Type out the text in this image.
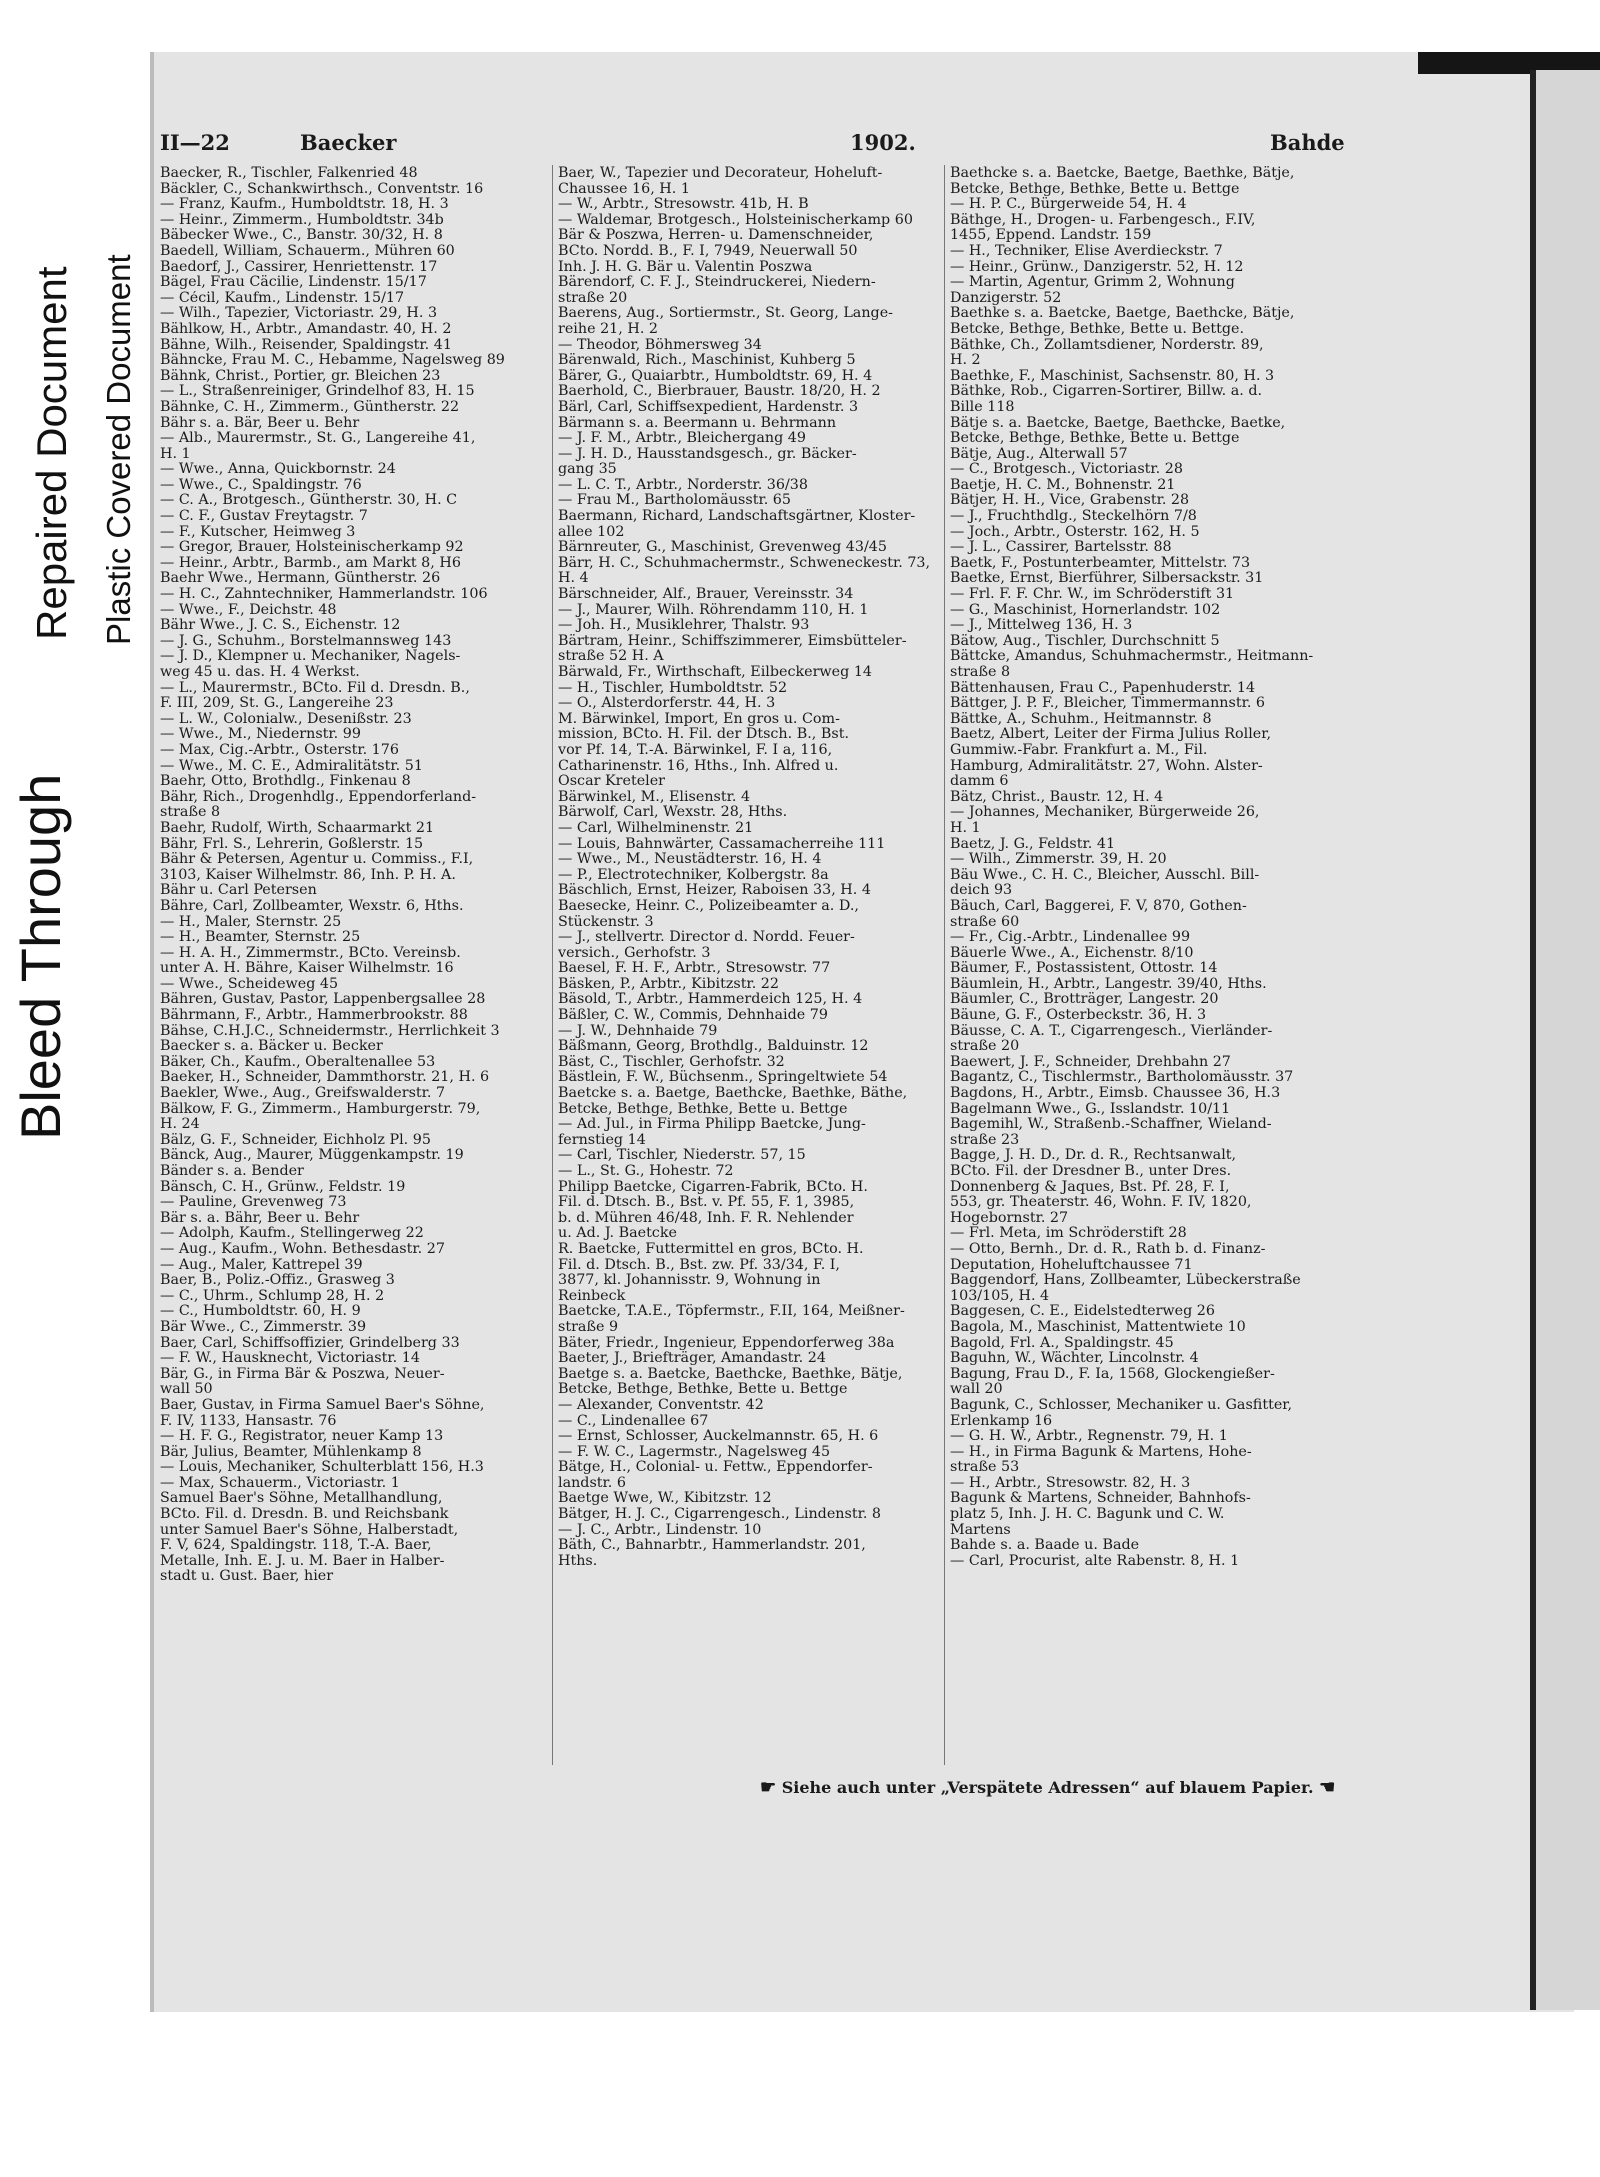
Bleed Through
Repaired Document Plastic Covered Document
II—22	Baecker	1902.	Bahde
Baecker, R., Tischler, Falkenried 48
Bäckler, C., Schankwirthsch., Conventstr. 16
— Franz, Kaufm., Humboldtstr. 18, H. 3
— Heinr., Zimmerm., Humboldtstr. 34b
Bäbecker Wwe., C., Banstr. 30/32, H. 8
Baedell, William, Schauerm., Mühren 60
Baedorf, J., Cassirer, Henriettenstr. 17
Bägel, Frau Cäcilie, Lindenstr. 15/17
— Cécil, Kaufm., Lindenstr. 15/17
— Wilh., Tapezier, Victoriastr. 29, H. 3
Bählkow, H., Arbtr., Amandastr. 40, H. 2
Bähne, Wilh., Reisender, Spaldingstr. 41
Bähncke, Frau M. C., Hebamme, Nagelsweg 89
Bähnk, Christ., Portier, gr. Bleichen 23
— L., Straßenreiniger, Grindelhof 83, H. 15
Bähnke, C. H., Zimmerm., Güntherstr. 22
Bähr s. a. Bär, Beer u. Behr
— Alb., Maurermstr., St. G., Langereihe 41,
H. 1
— Wwe., Anna, Quickbornstr. 24
— Wwe., C., Spaldingstr. 76
— C. A., Brotgesch., Güntherstr. 30, H. C
— C. F., Gustav Freytagstr. 7
— F., Kutscher, Heimweg 3
— Gregor, Brauer, Holsteinischerkamp 92
— Heinr., Arbtr., Barmb., am Markt 8, H6
Baehr Wwe., Hermann, Güntherstr. 26
— H. C., Zahntechniker, Hammerlandstr. 106
— Wwe., F., Deichstr. 48
Bähr Wwe., J. C. S., Eichenstr. 12
— J. G., Schuhm., Borstelmannsweg 143
— J. D., Klempner u. Mechaniker, Nagels-
weg 45 u. das. H. 4 Werkst.
— L., Maurermstr., BCto. Fil d. Dresdn. B.,
F. III, 209, St. G., Langereihe 23
— L. W., Colonialw., Desenißstr. 23
— Wwe., M., Niedernstr. 99
— Max, Cig.-Arbtr., Osterstr. 176
— Wwe., M. C. E., Admiralitätstr. 51
Baehr, Otto, Brothdlg., Finkenau 8
Bähr, Rich., Drogenhdlg., Eppendorferland-
straße 8
Baehr, Rudolf, Wirth, Schaarmarkt 21
Bähr, Frl. S., Lehrerin, Goßlerstr. 15
Bähr & Petersen, Agentur u. Commiss., F.I,
3103, Kaiser Wilhelmstr. 86, Inh. P. H. A.
Bähr u. Carl Petersen
Bähre, Carl, Zollbeamter, Wexstr. 6, Hths.
— H., Maler, Sternstr. 25
— H., Beamter, Sternstr. 25
— H. A. H., Zimmermstr., BCto. Vereinsb.
unter A. H. Bähre, Kaiser Wilhelmstr. 16
— Wwe., Scheideweg 45
Bähren, Gustav, Pastor, Lappenbergsallee 28
Bährmann, F., Arbtr., Hammerbrookstr. 88
Bähse, C.H.J.C., Schneidermstr., Herrlichkeit 3
Baecker s. a. Bäcker u. Becker
Bäker, Ch., Kaufm., Oberaltenallee 53
Baeker, H., Schneider, Dammthorstr. 21, H. 6
Baekler, Wwe., Aug., Greifswalderstr. 7
Bälkow, F. G., Zimmerm., Hamburgerstr. 79,
H. 24
Bälz, G. F., Schneider, Eichholz Pl. 95
Bänck, Aug., Maurer, Müggenkampstr. 19
Bänder s. a. Bender
Bänsch, C. H., Grünw., Feldstr. 19
— Pauline, Grevenweg 73
Bär s. a. Bähr, Beer u. Behr
— Adolph, Kaufm., Stellingerweg 22
— Aug., Kaufm., Wohn. Bethesdastr. 27
— Aug., Maler, Kattrepel 39
Baer, B., Poliz.-Offiz., Grasweg 3
— C., Uhrm., Schlump 28, H. 2
— C., Humboldtstr. 60, H. 9
Bär Wwe., C., Zimmerstr. 39
Baer, Carl, Schiffsoffizier, Grindelberg 33
— F. W., Hausknecht, Victoriastr. 14
Bär, G., in Firma Bär & Poszwa, Neuer-
wall 50
Baer, Gustav, in Firma Samuel Baer's Söhne,
F. IV, 1133, Hansastr. 76
— H. F. G., Registrator, neuer Kamp 13
Bär, Julius, Beamter, Mühlenkamp 8
— Louis, Mechaniker, Schulterblatt 156, H.3
— Max, Schauerm., Victoriastr. 1
Samuel Baer's Söhne, Metallhandlung,
BCto. Fil. d. Dresdn. B. und Reichsbank
unter Samuel Baer's Söhne, Halberstadt,
F. V, 624, Spaldingstr. 118, T.-A. Baer,
Metalle, Inh. E. J. u. M. Baer in Halber-
stadt u. Gust. Baer, hier
Baer, W., Tapezier und Decorateur, Hoheluft-
Chaussee 16, H. 1
— W., Arbtr., Stresowstr. 41b, H. B
— Waldemar, Brotgesch., Holsteinischerkamp 60
Bär & Poszwa, Herren- u. Damenschneider,
BCto. Nordd. B., F. I, 7949, Neuerwall 50
Inh. J. H. G. Bär u. Valentin Poszwa
Bärendorf, C. F. J., Steindruckerei, Niedern-
straße 20
Baerens, Aug., Sortiermstr., St. Georg, Lange-
reihe 21, H. 2
— Theodor, Böhmersweg 34
Bärenwald, Rich., Maschinist, Kuhberg 5
Bärer, G., Quaiarbtr., Humboldtstr. 69, H. 4
Baerhold, C., Bierbrauer, Baustr. 18/20, H. 2
Bärl, Carl, Schiffsexpedient, Hardenstr. 3
Bärmann s. a. Beermann u. Behrmann
— J. F. M., Arbtr., Bleichergang 49
— J. H. D., Hausstandsgesch., gr. Bäcker-
gang 35
— L. C. T., Arbtr., Norderstr. 36/38
— Frau M., Bartholomäusstr. 65
Baermann, Richard, Landschaftsgärtner, Kloster-
allee 102
Bärnreuter, G., Maschinist, Grevenweg 43/45
Bärr, H. C., Schuhmachermstr., Schweneckestr. 73,
H. 4
Bärschneider, Alf., Brauer, Vereinsstr. 34
— J., Maurer, Wilh. Röhrendamm 110, H. 1
— Joh. H., Musiklehrer, Thalstr. 93
Bärtram, Heinr., Schiffszimmerer, Eimsbütteler-
straße 52 H. A
Bärwald, Fr., Wirthschaft, Eilbeckerweg 14
— H., Tischler, Humboldtstr. 52
— O., Alsterdorferstr. 44, H. 3
M. Bärwinkel, Import, En gros u. Com-
mission, BCto. H. Fil. der Dtsch. B., Bst.
vor Pf. 14, T.-A. Bärwinkel, F. I a, 116,
Catharinenstr. 16, Hths., Inh. Alfred u.
Oscar Kreteler
Bärwinkel, M., Elisenstr. 4
Bärwolf, Carl, Wexstr. 28, Hths.
— Carl, Wilhelminenstr. 21
— Louis, Bahnwärter, Cassamacherreihe 111
— Wwe., M., Neustädterstr. 16, H. 4
— P., Electrotechniker, Kolbergstr. 8a
Bäschlich, Ernst, Heizer, Raboisen 33, H. 4
Baesecke, Heinr. C., Polizeibeamter a. D.,
Stückenstr. 3
— J., stellvertr. Director d. Nordd. Feuer-
versich., Gerhofstr. 3
Baesel, F. H. F., Arbtr., Stresowstr. 77
Bäsken, P., Arbtr., Kibitzstr. 22
Bäsold, T., Arbtr., Hammerdeich 125, H. 4
Bäßler, C. W., Commis, Dehnhaide 79
— J. W., Dehnhaide 79
Bäßmann, Georg, Brothdlg., Balduinstr. 12
Bäst, C., Tischler, Gerhofstr. 32
Bästlein, F. W., Büchsenm., Springeltwiete 54
Baetcke s. a. Baetge, Baethcke, Baethke, Bäthe,
Betcke, Bethge, Bethke, Bette u. Bettge
— Ad. Jul., in Firma Philipp Baetcke, Jung-
fernstieg 14
— Carl, Tischler, Niederstr. 57, 15
— L., St. G., Hohestr. 72
Philipp Baetcke, Cigarren-Fabrik, BCto. H.
Fil. d. Dtsch. B., Bst. v. Pf. 55, F. 1, 3985,
b. d. Mühren 46/48, Inh. F. R. Nehlender
u. Ad. J. Baetcke
R. Baetcke, Futtermittel en gros, BCto. H.
Fil. d. Dtsch. B., Bst. zw. Pf. 33/34, F. I,
3877, kl. Johannisstr. 9, Wohnung in
Reinbeck
Baetcke, T.A.E., Töpfermstr., F.II, 164, Meißner-
straße 9
Bäter, Friedr., Ingenieur, Eppendorferweg 38a
Baeter, J., Briefträger, Amandastr. 24
Baetge s. a. Baetcke, Baethcke, Baethke, Bätje,
Betcke, Bethge, Bethke, Bette u. Bettge
— Alexander, Conventstr. 42
— C., Lindenallee 67
— Ernst, Schlosser, Auckelmannstr. 65, H. 6
— F. W. C., Lagermstr., Nagelsweg 45
Bätge, H., Colonial- u. Fettw., Eppendorfer-
landstr. 6
Baetge Wwe, W., Kibitzstr. 12
Bätger, H. J. C., Cigarrengesch., Lindenstr. 8
— J. C., Arbtr., Lindenstr. 10
Bäth, C., Bahnarbtr., Hammerlandstr. 201,
Hths.
Baethcke s. a. Baetcke, Baetge, Baethke, Bätje,
Betcke, Bethge, Bethke, Bette u. Bettge
— H. P. C., Bürgerweide 54, H. 4
Bäthge, H., Drogen- u. Farbengesch., F.IV,
1455, Eppend. Landstr. 159
— H., Techniker, Elise Averdieckstr. 7
— Heinr., Grünw., Danzigerstr. 52, H. 12
— Martin, Agentur, Grimm 2, Wohnung
Danzigerstr. 52
Baethke s. a. Baetcke, Baetge, Baethcke, Bätje,
Betcke, Bethge, Bethke, Bette u. Bettge.
Bäthke, Ch., Zollamtsdiener, Norderstr. 89,
H. 2
Baethke, F., Maschinist, Sachsenstr. 80, H. 3
Bäthke, Rob., Cigarren-Sortirer, Billw. a. d.
Bille 118
Bätje s. a. Baetcke, Baetge, Baethcke, Baetke,
Betcke, Bethge, Bethke, Bette u. Bettge
Bätje, Aug., Alterwall 57
— C., Brotgesch., Victoriastr. 28
Baetje, H. C. M., Bohnenstr. 21
Bätjer, H. H., Vice, Grabenstr. 28
— J., Fruchthdlg., Steckelhörn 7/8
— Joch., Arbtr., Osterstr. 162, H. 5
— J. L., Cassirer, Bartelsstr. 88
Baetk, F., Postunterbeamter, Mittelstr. 73
Baetke, Ernst, Bierführer, Silbersackstr. 31
— Frl. F. F. Chr. W., im Schröderstift 31
— G., Maschinist, Hornerlandstr. 102
— J., Mittelweg 136, H. 3
Bätow, Aug., Tischler, Durchschnitt 5
Bättcke, Amandus, Schuhmachermstr., Heitmann-
straße 8
Bättenhausen, Frau C., Papenhuderstr. 14
Bättger, J. P. F., Bleicher, Timmermannstr. 6
Bättke, A., Schuhm., Heitmannstr. 8
Baetz, Albert, Leiter der Firma Julius Roller,
Gummiw.-Fabr. Frankfurt a. M., Fil.
Hamburg, Admiralitätstr. 27, Wohn. Alster-
damm 6
Bätz, Christ., Baustr. 12, H. 4
— Johannes, Mechaniker, Bürgerweide 26,
H. 1
Baetz, J. G., Feldstr. 41
— Wilh., Zimmerstr. 39, H. 20
Bäu Wwe., C. H. C., Bleicher, Ausschl. Bill-
deich 93
Bäuch, Carl, Baggerei, F. V, 870, Gothen-
straße 60
— Fr., Cig.-Arbtr., Lindenallee 99
Bäuerle Wwe., A., Eichenstr. 8/10
Bäumer, F., Postassistent, Ottostr. 14
Bäumlein, H., Arbtr., Langestr. 39/40, Hths.
Bäumler, C., Brotträger, Langestr. 20
Bäune, G. F., Osterbeckstr. 36, H. 3
Bäusse, C. A. T., Cigarrengesch., Vierländer-
straße 20
Baewert, J. F., Schneider, Drehbahn 27
Bagantz, C., Tischlermstr., Bartholomäusstr. 37
Bagdons, H., Arbtr., Eimsb. Chaussee 36, H.3
Bagelmann Wwe., G., Isslandstr. 10/11
Bagemihl, W., Straßenb.-Schaffner, Wieland-
straße 23
Bagge, J. H. D., Dr. d. R., Rechtsanwalt,
BCto. Fil. der Dresdner B., unter Dres.
Donnenberg & Jaques, Bst. Pf. 28, F. I,
553, gr. Theaterstr. 46, Wohn. F. IV, 1820,
Hogebornstr. 27
— Frl. Meta, im Schröderstift 28
— Otto, Bernh., Dr. d. R., Rath b. d. Finanz-
Deputation, Hoheluftchaussee 71
Baggendorf, Hans, Zollbeamter, Lübeckerstraße
103/105, H. 4
Baggesen, C. E., Eidelstedterweg 26
Bagola, M., Maschinist, Mattentwiete 10
Bagold, Frl. A., Spaldingstr. 45
Baguhn, W., Wächter, Lincolnstr. 4
Bagung, Frau D., F. Ia, 1568, Glockengießer-
wall 20
Bagunk, C., Schlosser, Mechaniker u. Gasfitter,
Erlenkamp 16
— G. H. W., Arbtr., Regnenstr. 79, H. 1
— H., in Firma Bagunk & Martens, Hohe-
straße 53
— H., Arbtr., Stresowstr. 82, H. 3
Bagunk & Martens, Schneider, Bahnhofs-
platz 5, Inh. J. H. C. Bagunk und C. W.
Martens
Bahde s. a. Baade u. Bade
— Carl, Procurist, alte Rabenstr. 8, H. 1
☛ Siehe auch unter „Verspätete Adressen“ auf blauem Papier. ☚
